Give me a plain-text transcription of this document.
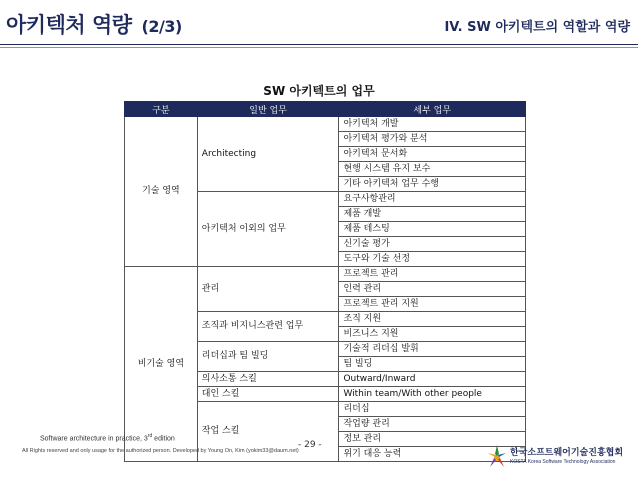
아키텍처 역량 (2/3)	IV. SW 아키텍트의 역할과 역량
SW 아키텍트의 업무
구분	일반 업무	세부 업무
기술 영역	Architecting	아키텍처 개발
		아키텍처 평가와 분석
		아키텍처 문서화
		현행 시스템 유지 보수
		기타 아키텍처 업무 수행
	아키텍처 이외의 업무	요구사항관리
		제품 개발
		제품 테스팅
		신기술 평가
		도구와 기술 선정
비기술 영역	관리	프로젝트 관리
		인력 관리
		프로젝트 관리 지원
	조직과 비지니스관련 업무	조직 지원
		비즈니스 지원
	리더십과 팀 빌딩	기술적 리더십 발휘
		팀 빌딩
	의사소통 스킬	Outward/Inward
	대인 스킬	Within team/With other people
	작업 스킬	리더십
		작업량 관리
		정보 관리
		위기 대응 능력
Software architecture in practice, 3rd edition
All Rights reserved and only usage for the authorized person. Developed by Young On, Kim (yokim33@daum.net)
- 29 -
한국소프트웨어기술진흥협회
KOSTA Korea Software Technology Association
